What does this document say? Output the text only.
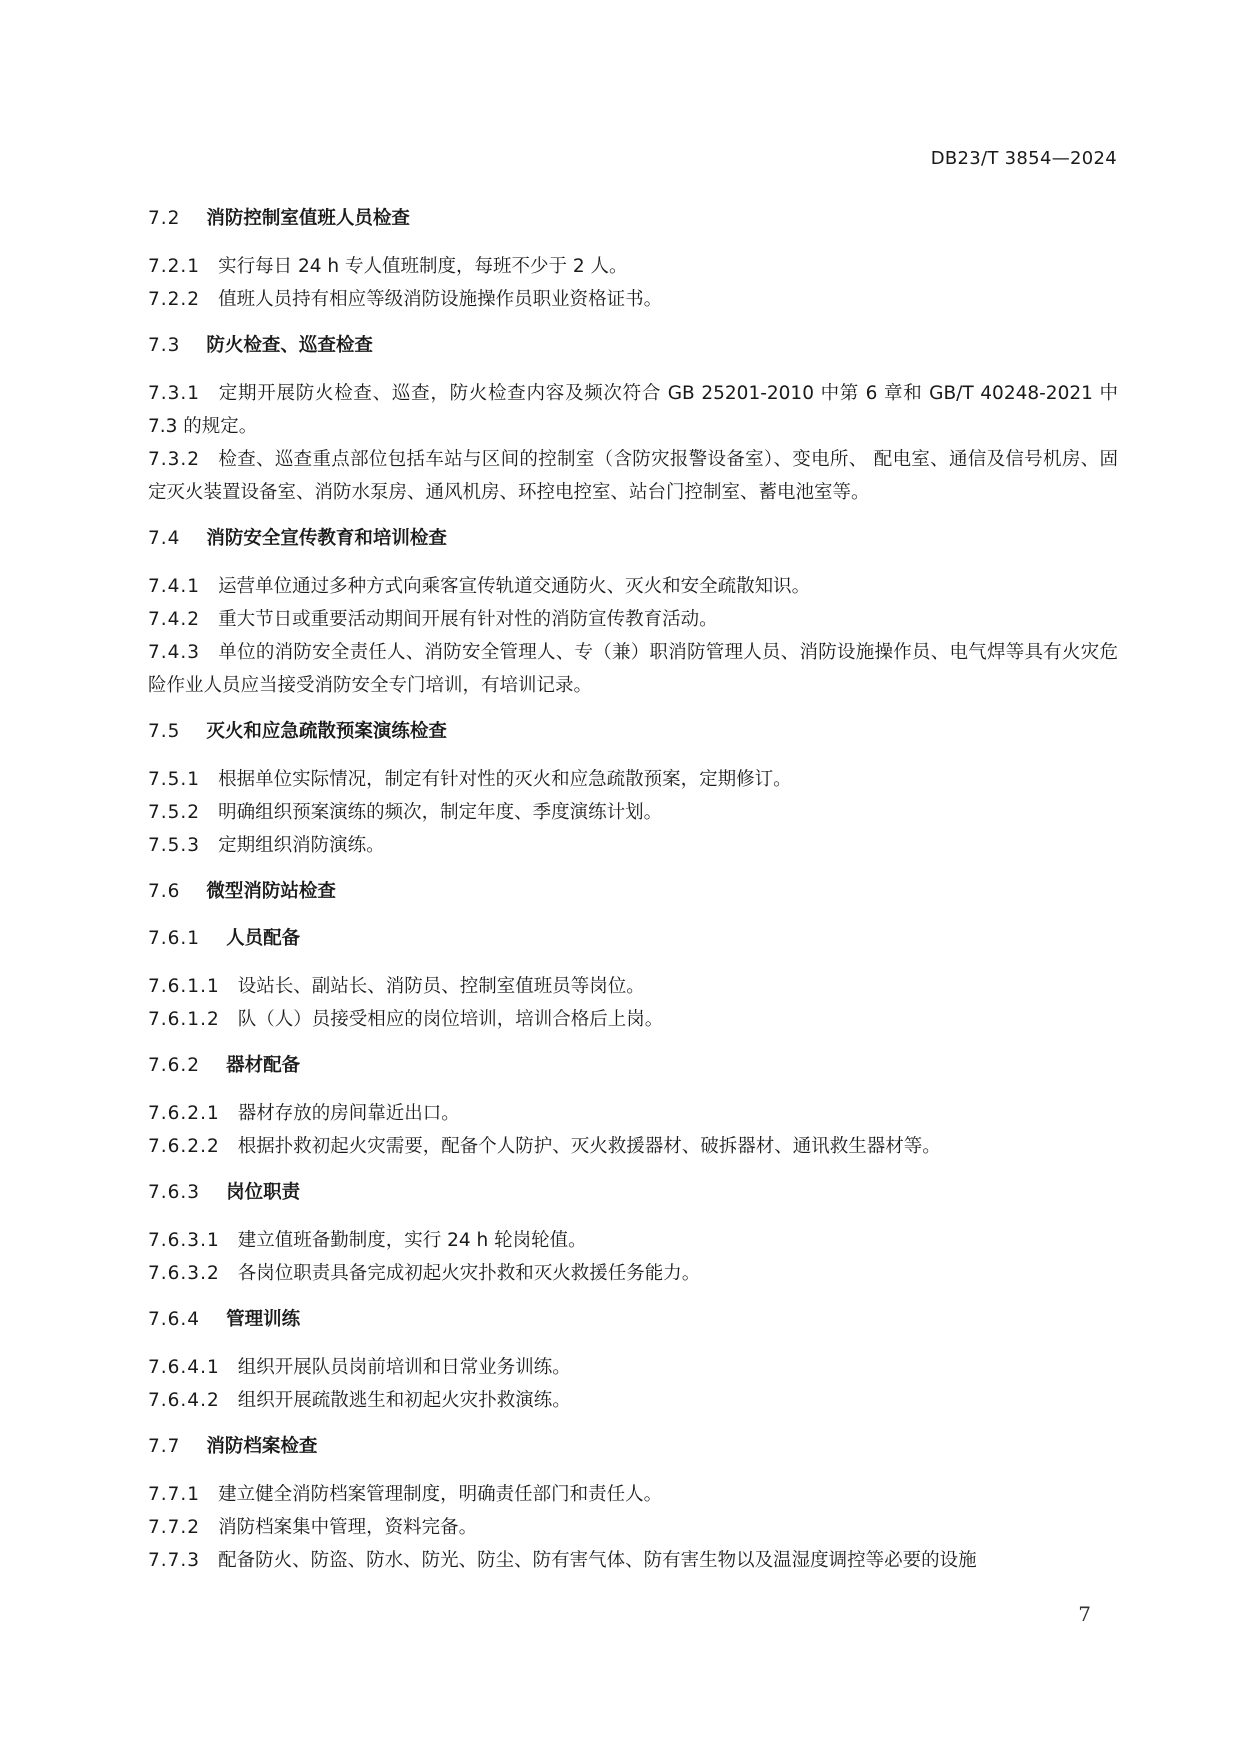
DB23/T 3854—2024

7.2 消防控制室值班人员检查

7.2.1 实行每日 24 h 专人值班制度，每班不少于 2 人。

7.2.2 值班人员持有相应等级消防设施操作员职业资格证书。

7.3 防火检查、巡查检查

7.3.1 定期开展防火检查、巡查，防火检查内容及频次符合 GB 25201-2010 中第 6 章和 GB/T 40248-2021 中 7.3 的规定。

7.3.2 检查、巡查重点部位包括车站与区间的控制室（含防灾报警设备室）、变电所、 配电室、通信及信号机房、固定灭火装置设备室、消防水泵房、通风机房、环控电控室、站台门控制室、蓄电池室等。

7.4 消防安全宣传教育和培训检查

7.4.1 运营单位通过多种方式向乘客宣传轨道交通防火、灭火和安全疏散知识。

7.4.2 重大节日或重要活动期间开展有针对性的消防宣传教育活动。

7.4.3 单位的消防安全责任人、消防安全管理人、专（兼）职消防管理人员、消防设施操作员、电气焊等具有火灾危险作业人员应当接受消防安全专门培训，有培训记录。

7.5 灭火和应急疏散预案演练检查

7.5.1 根据单位实际情况，制定有针对性的灭火和应急疏散预案，定期修订。

7.5.2 明确组织预案演练的频次，制定年度、季度演练计划。

7.5.3 定期组织消防演练。

7.6 微型消防站检查

7.6.1 人员配备

7.6.1.1 设站长、副站长、消防员、控制室值班员等岗位。

7.6.1.2 队（人）员接受相应的岗位培训，培训合格后上岗。

7.6.2 器材配备

7.6.2.1 器材存放的房间靠近出口。

7.6.2.2 根据扑救初起火灾需要，配备个人防护、灭火救援器材、破拆器材、通讯救生器材等。

7.6.3 岗位职责

7.6.3.1 建立值班备勤制度，实行 24 h 轮岗轮值。

7.6.3.2 各岗位职责具备完成初起火灾扑救和灭火救援任务能力。

7.6.4 管理训练

7.6.4.1 组织开展队员岗前培训和日常业务训练。

7.6.4.2 组织开展疏散逃生和初起火灾扑救演练。

7.7 消防档案检查

7.7.1 建立健全消防档案管理制度，明确责任部门和责任人。

7.7.2 消防档案集中管理，资料完备。

7.7.3 配备防火、防盗、防水、防光、防尘、防有害气体、防有害生物以及温湿度调控等必要的设施

7
